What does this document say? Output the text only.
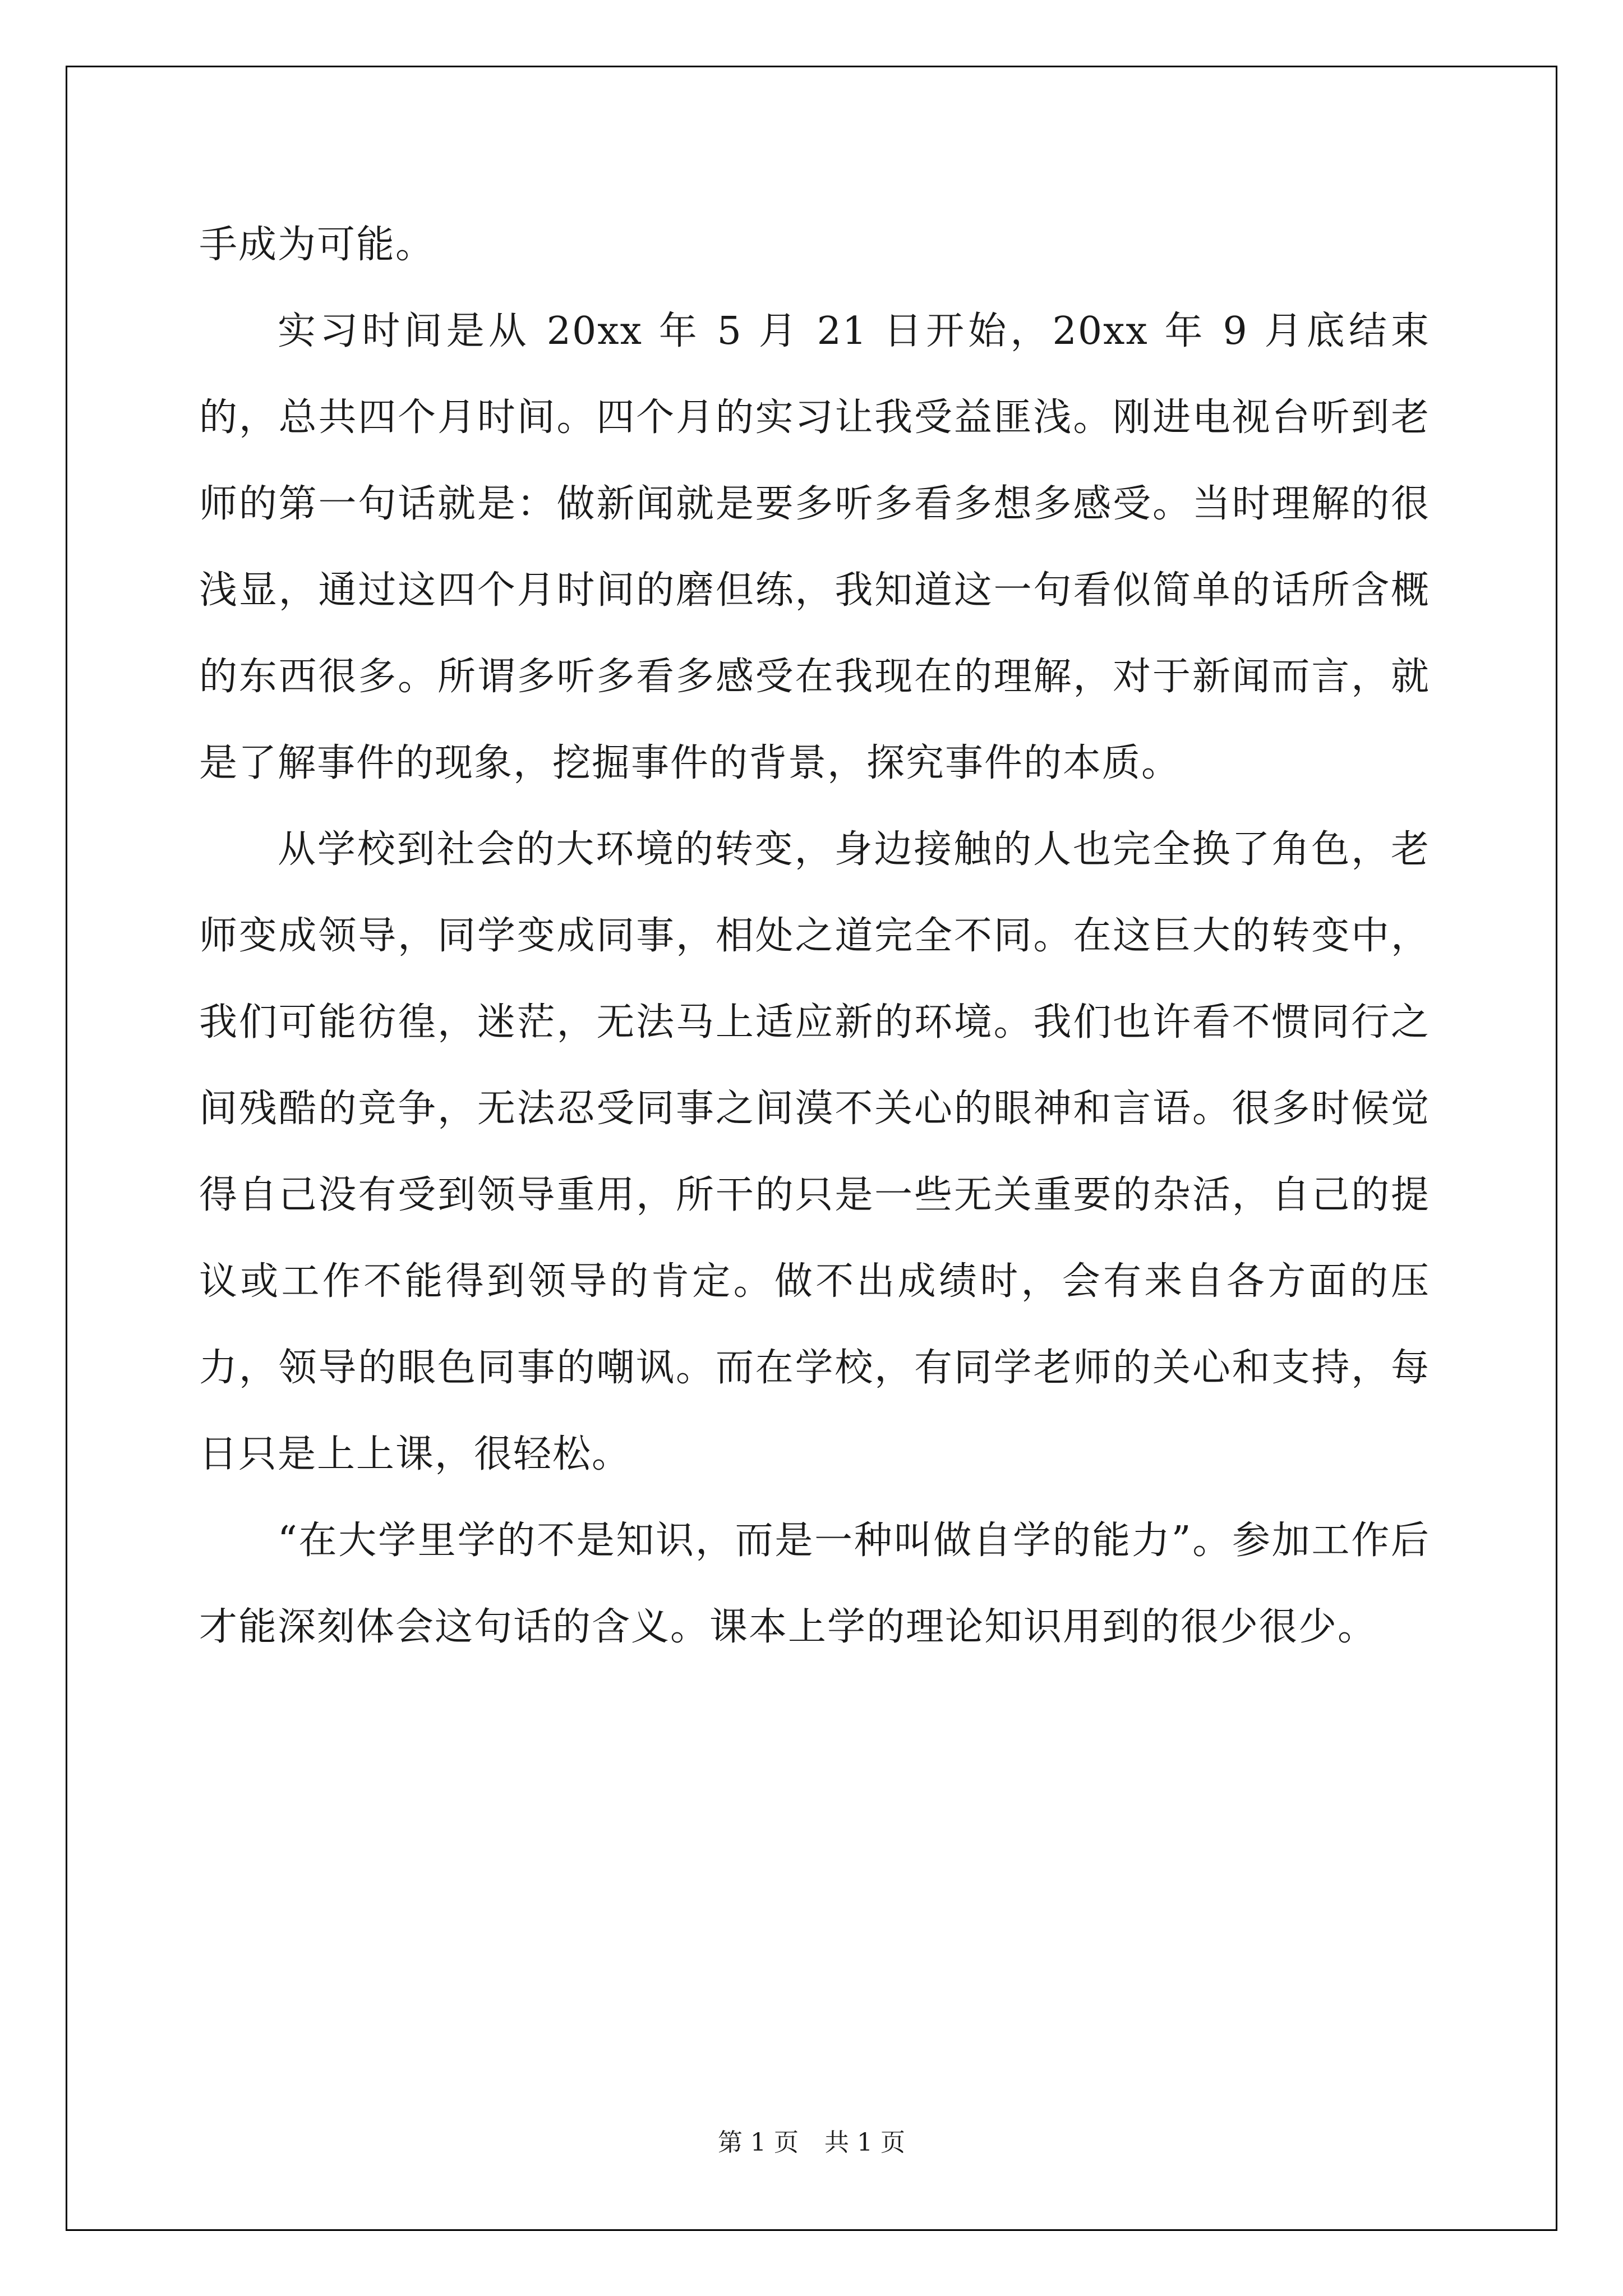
手成为可能。

实习时间是从 20xx 年 5 月 21 日开始，20xx 年 9 月底结束的，总共四个月时间。四个月的实习让我受益匪浅。刚进电视台听到老师的第一句话就是：做新闻就是要多听多看多想多感受。当时理解的很浅显，通过这四个月时间的磨但练，我知道这一句看似简单的话所含概的东西很多。所谓多听多看多感受在我现在的理解，对于新闻而言，就是了解事件的现象，挖掘事件的背景，探究事件的本质。

从学校到社会的大环境的转变，身边接触的人也完全换了角色，老师变成领导，同学变成同事，相处之道完全不同。在这巨大的转变中，我们可能彷徨，迷茫，无法马上适应新的环境。我们也许看不惯同行之间残酷的竞争，无法忍受同事之间漠不关心的眼神和言语。很多时候觉得自己没有受到领导重用，所干的只是一些无关重要的杂活，自己的提议或工作不能得到领导的肯定。做不出成绩时，会有来自各方面的压力，领导的眼色同事的嘲讽。而在学校，有同学老师的关心和支持，每日只是上上课，很轻松。

“在大学里学的不是知识，而是一种叫做自学的能力”。参加工作后才能深刻体会这句话的含义。课本上学的理论知识用到的很少很少。

第 1 页 共 1 页
